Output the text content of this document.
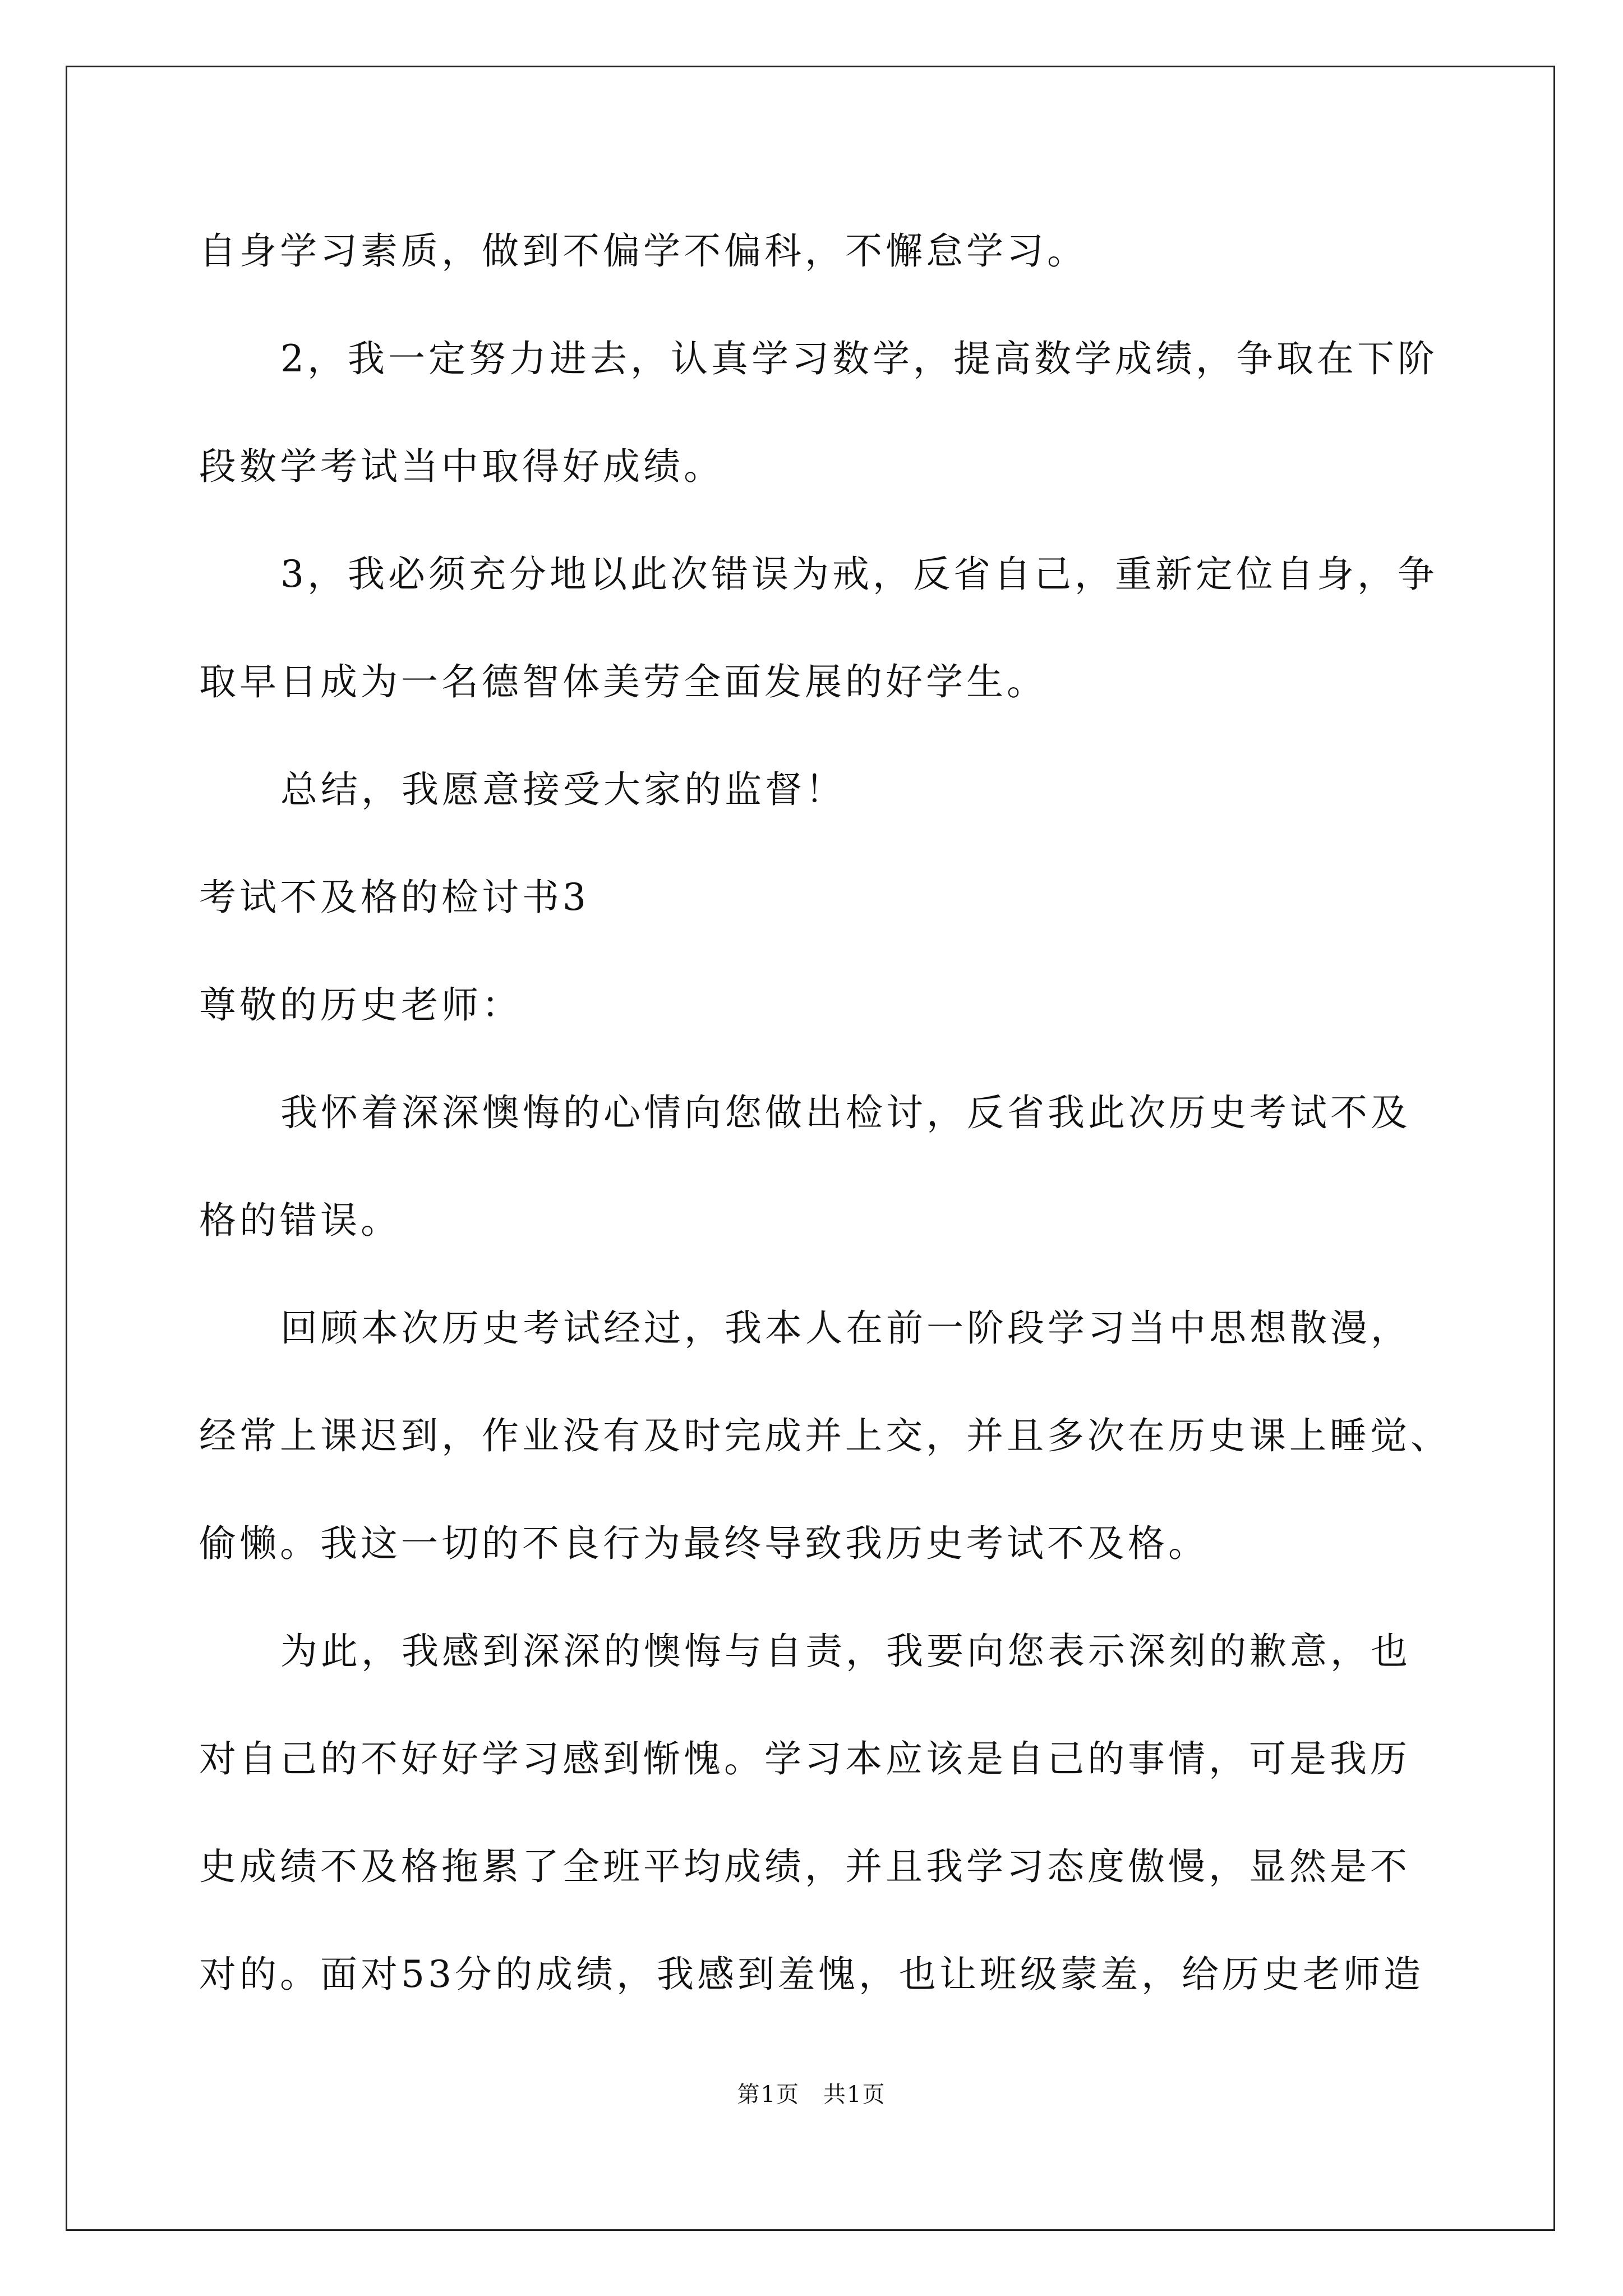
自身学习素质，做到不偏学不偏科，不懈怠学习。
2，我一定努力进去，认真学习数学，提高数学成绩，争取在下阶
段数学考试当中取得好成绩。
3，我必须充分地以此次错误为戒，反省自己，重新定位自身，争
取早日成为一名德智体美劳全面发展的好学生。
总结，我愿意接受大家的监督！
考试不及格的检讨书3
尊敬的历史老师：
我怀着深深懊悔的心情向您做出检讨，反省我此次历史考试不及
格的错误。
回顾本次历史考试经过，我本人在前一阶段学习当中思想散漫，
经常上课迟到，作业没有及时完成并上交，并且多次在历史课上睡觉、
偷懒。我这一切的不良行为最终导致我历史考试不及格。
为此，我感到深深的懊悔与自责，我要向您表示深刻的歉意，也
对自己的不好好学习感到惭愧。学习本应该是自己的事情，可是我历
史成绩不及格拖累了全班平均成绩，并且我学习态度傲慢，显然是不
对的。面对53分的成绩，我感到羞愧，也让班级蒙羞，给历史老师造
第1页　共1页
